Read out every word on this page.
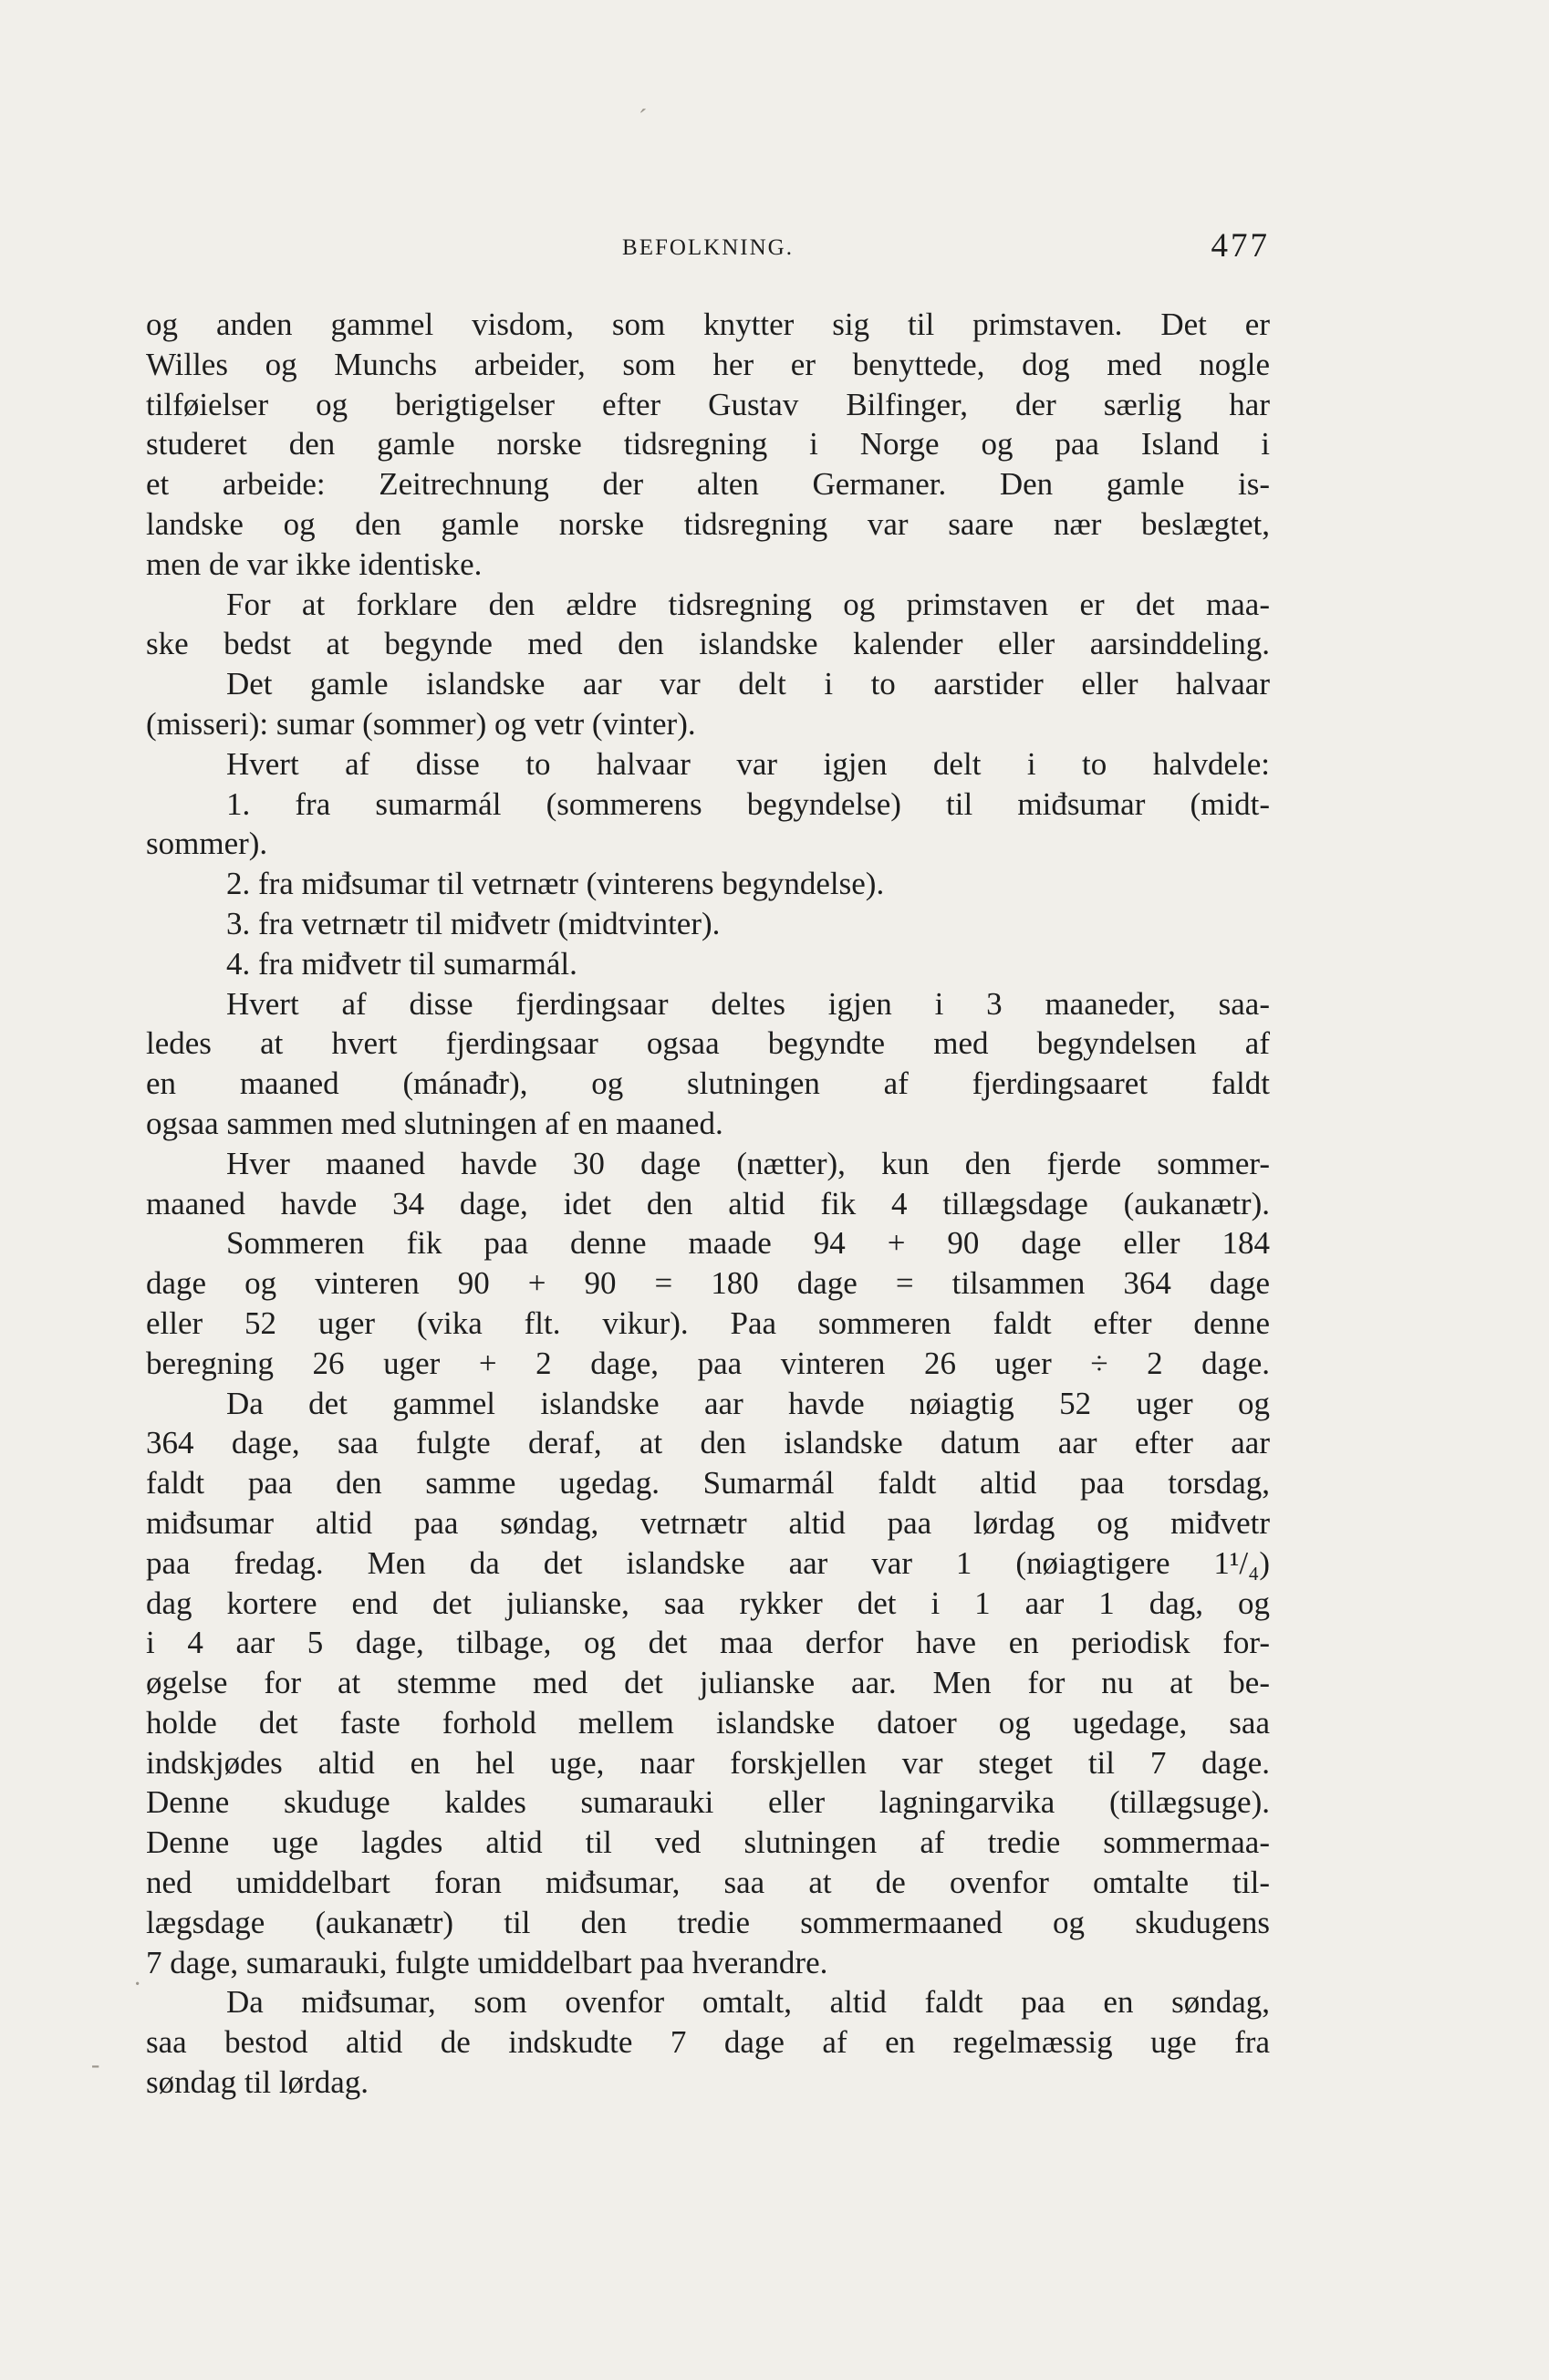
BEFOLKNING.	477
og anden gammel visdom, som knytter sig til primstaven. Det er
Willes og Munchs arbeider, som her er benyttede, dog med nogle
tilføielser og berigtigelser efter Gustav Bilfinger, der særlig har
studeret den gamle norske tidsregning i Norge og paa Island i
et arbeide: Zeitrechnung der alten Germaner. Den gamle is-
landske og den gamle norske tidsregning var saare nær beslægtet,
men de var ikke identiske.
For at forklare den ældre tidsregning og primstaven er det maa-
ske bedst at begynde med den islandske kalender eller aarsinddeling.
Det gamle islandske aar var delt i to aarstider eller halvaar
(misseri): sumar (sommer) og vetr (vinter).
Hvert af disse to halvaar var igjen delt i to halvdele:
1. fra sumarmál (sommerens begyndelse) til miđsumar (midt-
sommer).
2. fra miđsumar til vetrnætr (vinterens begyndelse).
3. fra vetrnætr til miđvetr (midtvinter).
4. fra miđvetr til sumarmál.
Hvert af disse fjerdingsaar deltes igjen i 3 maaneder, saa-
ledes at hvert fjerdingsaar ogsaa begyndte med begyndelsen af
en maaned (mánađr), og slutningen af fjerdingsaaret faldt
ogsaa sammen med slutningen af en maaned.
Hver maaned havde 30 dage (nætter), kun den fjerde sommer-
maaned havde 34 dage, idet den altid fik 4 tillægsdage (aukanætr).
Sommeren fik paa denne maade 94 + 90 dage eller 184
dage og vinteren 90 + 90 = 180 dage = tilsammen 364 dage
eller 52 uger (vika flt. vikur). Paa sommeren faldt efter denne
beregning 26 uger + 2 dage, paa vinteren 26 uger ÷ 2 dage.
Da det gammel islandske aar havde nøiagtig 52 uger og
364 dage, saa fulgte deraf, at den islandske datum aar efter aar
faldt paa den samme ugedag. Sumarmál faldt altid paa torsdag,
miđsumar altid paa søndag, vetrnætr altid paa lørdag og miđvetr
paa fredag. Men da det islandske aar var 1 (nøiagtigere 1¹/₄)
dag kortere end det julianske, saa rykker det i 1 aar 1 dag, og
i 4 aar 5 dage, tilbage, og det maa derfor have en periodisk for-
øgelse for at stemme med det julianske aar. Men for nu at be-
holde det faste forhold mellem islandske datoer og ugedage, saa
indskjødes altid en hel uge, naar forskjellen var steget til 7 dage.
Denne skuduge kaldes sumarauki eller lagningarvika (tillægsuge).
Denne uge lagdes altid til ved slutningen af tredie sommermaa-
ned umiddelbart foran miđsumar, saa at de ovenfor omtalte til-
lægsdage (aukanætr) til den tredie sommermaaned og skudugens
7 dage, sumarauki, fulgte umiddelbart paa hverandre.
Da miđsumar, som ovenfor omtalt, altid faldt paa en søndag,
saa bestod altid de indskudte 7 dage af en regelmæssig uge fra
søndag til lørdag.
´
·
-
